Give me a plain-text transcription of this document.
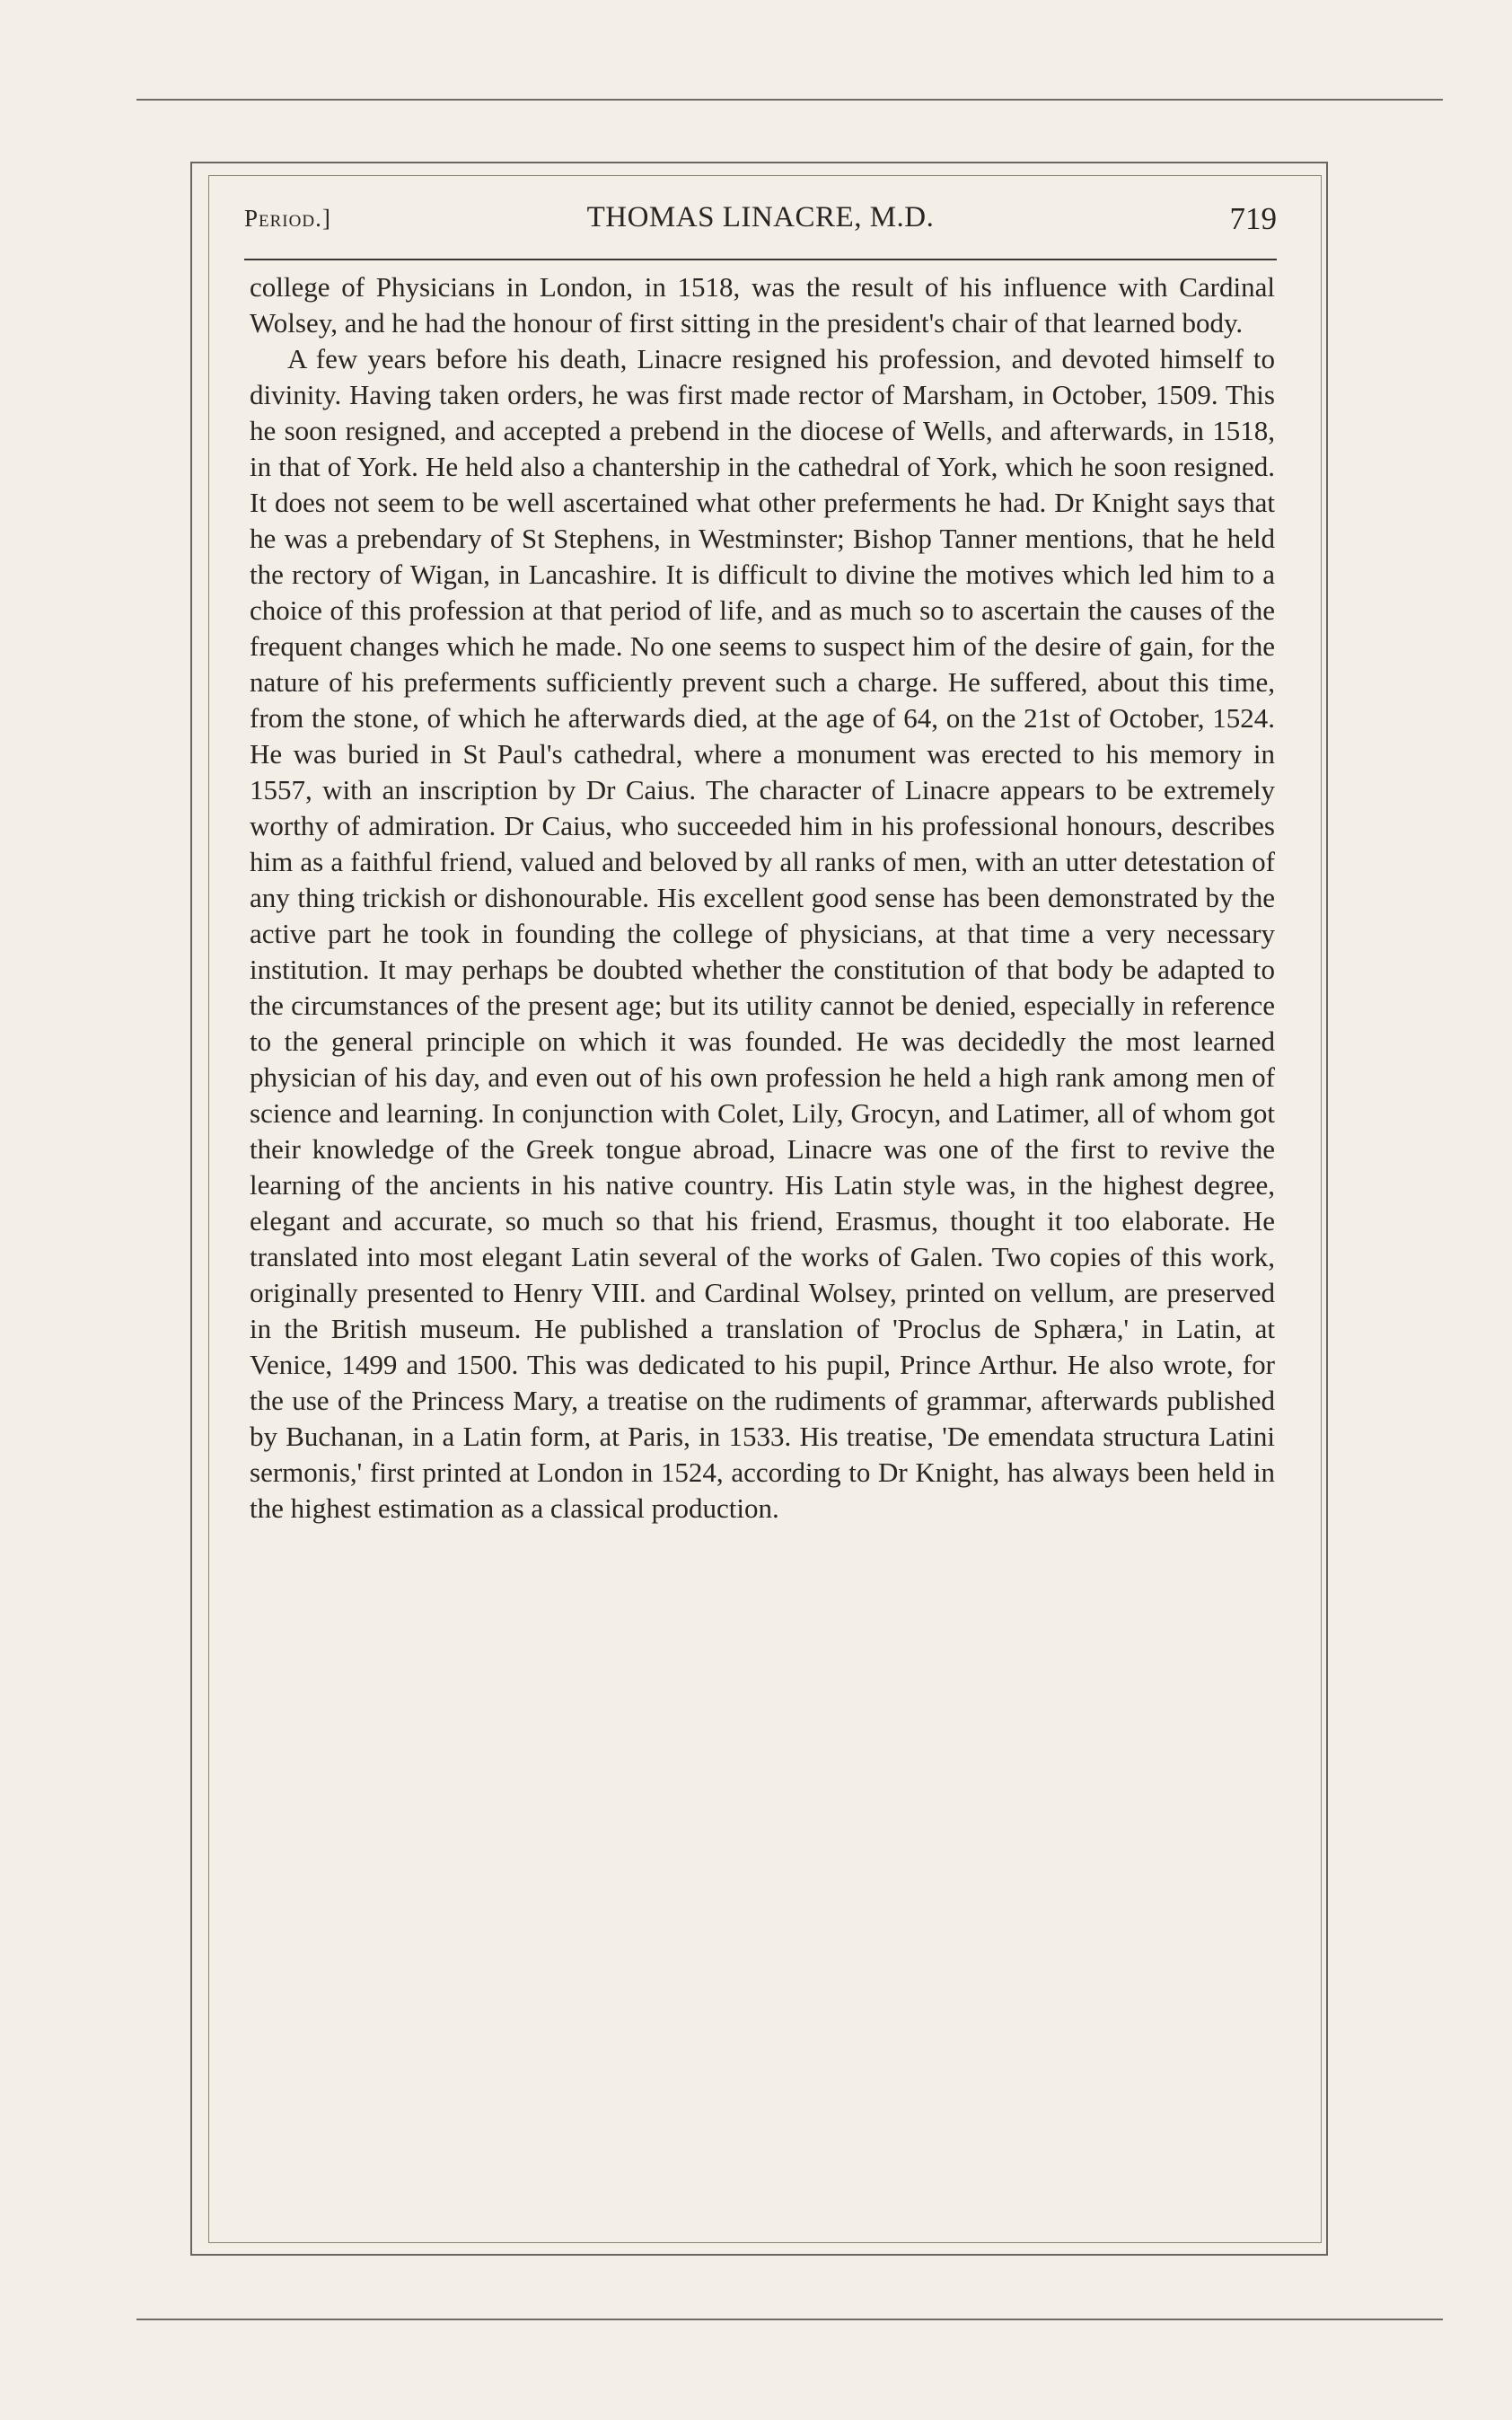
Period.]	THOMAS LINACRE, M.D.	719

college of Physicians in London, in 1518, was the result of his influence with Cardinal Wolsey, and he had the honour of first sitting in the president's chair of that learned body.

A few years before his death, Linacre resigned his profession, and devoted himself to divinity. Having taken orders, he was first made rector of Marsham, in October, 1509. This he soon resigned, and accepted a prebend in the diocese of Wells, and afterwards, in 1518, in that of York. He held also a chantership in the cathedral of York, which he soon resigned. It does not seem to be well ascertained what other preferments he had. Dr Knight says that he was a prebendary of St Stephens, in Westminster; Bishop Tanner mentions, that he held the rectory of Wigan, in Lancashire. It is difficult to divine the motives which led him to a choice of this profession at that period of life, and as much so to ascertain the causes of the frequent changes which he made. No one seems to suspect him of the desire of gain, for the nature of his preferments sufficiently prevent such a charge. He suffered, about this time, from the stone, of which he afterwards died, at the age of 64, on the 21st of October, 1524. He was buried in St Paul's cathedral, where a monument was erected to his memory in 1557, with an inscription by Dr Caius. The character of Linacre appears to be extremely worthy of admiration. Dr Caius, who succeeded him in his professional honours, describes him as a faithful friend, valued and beloved by all ranks of men, with an utter detestation of any thing trickish or dishonourable. His excellent good sense has been demonstrated by the active part he took in founding the college of physicians, at that time a very necessary institution. It may perhaps be doubted whether the constitution of that body be adapted to the circumstances of the present age; but its utility cannot be denied, especially in reference to the general principle on which it was founded. He was decidedly the most learned physician of his day, and even out of his own profession he held a high rank among men of science and learning. In conjunction with Colet, Lily, Grocyn, and Latimer, all of whom got their knowledge of the Greek tongue abroad, Linacre was one of the first to revive the learning of the ancients in his native country. His Latin style was, in the highest degree, elegant and accurate, so much so that his friend, Erasmus, thought it too elaborate. He translated into most elegant Latin several of the works of Galen. Two copies of this work, originally presented to Henry VIII. and Cardinal Wolsey, printed on vellum, are preserved in the British museum. He published a translation of 'Proclus de Sphæra,' in Latin, at Venice, 1499 and 1500. This was dedicated to his pupil, Prince Arthur. He also wrote, for the use of the Princess Mary, a treatise on the rudiments of grammar, afterwards published by Buchanan, in a Latin form, at Paris, in 1533. His treatise, 'De emendata structura Latini sermonis,' first printed at London in 1524, according to Dr Knight, has always been held in the highest estimation as a classical production.
